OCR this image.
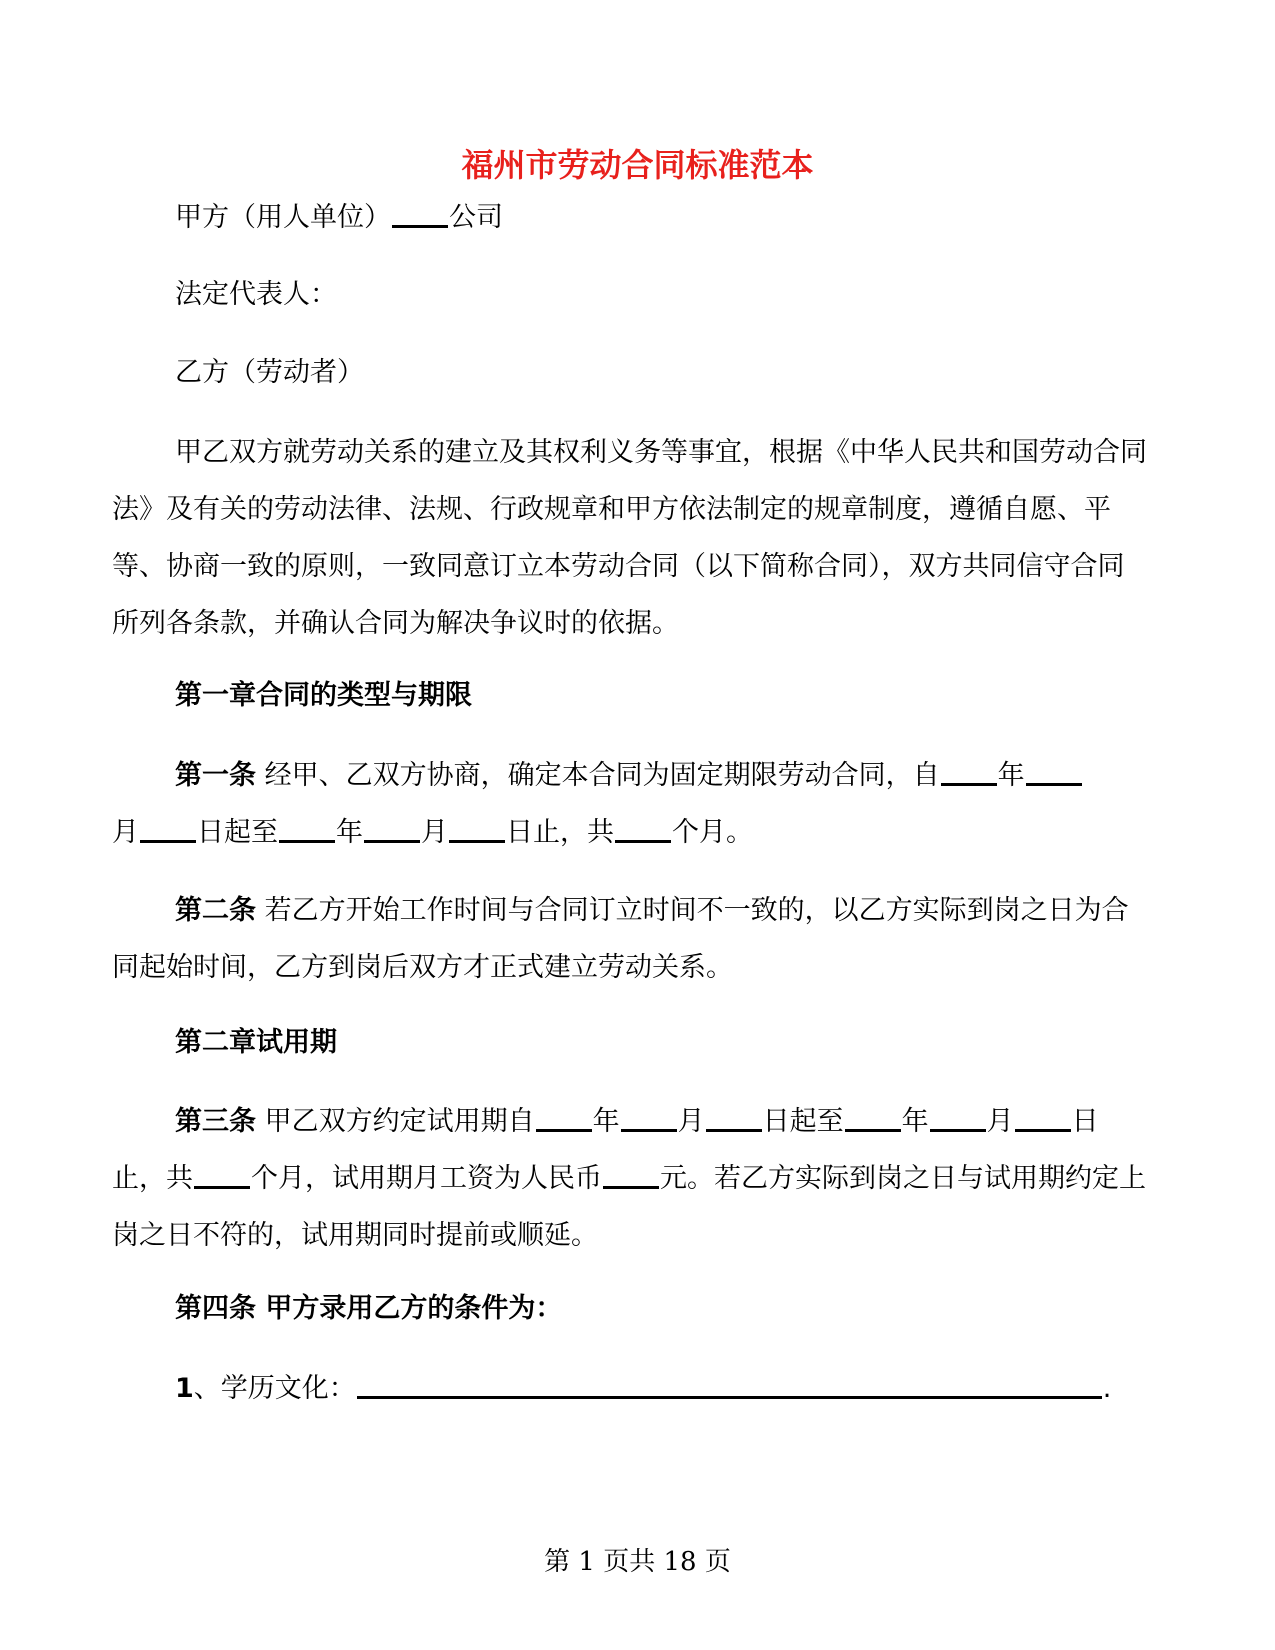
福州市劳动合同标准范本
甲方（用人单位） 公司
法定代表人：
乙方（劳动者）
甲乙双方就劳动关系的建立及其权利义务等事宜，根据《中华人民共和国劳动合同法》及有关的劳动法律、法规、行政规章和甲方依法制定的规章制度，遵循自愿、平等、协商一致的原则，一致同意订立本劳动合同（以下简称合同），双方共同信守合同所列各条款，并确认合同为解决争议时的依据。
第一章合同的类型与期限
第一条 经甲、乙双方协商，确定本合同为固定期限劳动合同，自 年
月 日起至 年 月 日止，共 个月。
第二条 若乙方开始工作时间与合同订立时间不一致的，以乙方实际到岗之日为合同起始时间，乙方到岗后双方才正式建立劳动关系。
第二章试用期
第三条 甲乙双方约定试用期自 年 月 日起至 年 月 日止，共 个月，试用期月工资为人民币 元。若乙方实际到岗之日与试用期约定上岗之日不符的，试用期同时提前或顺延。
第四条 甲方录用乙方的条件为：
1、学历文化：	.
第 1 页共 18 页
